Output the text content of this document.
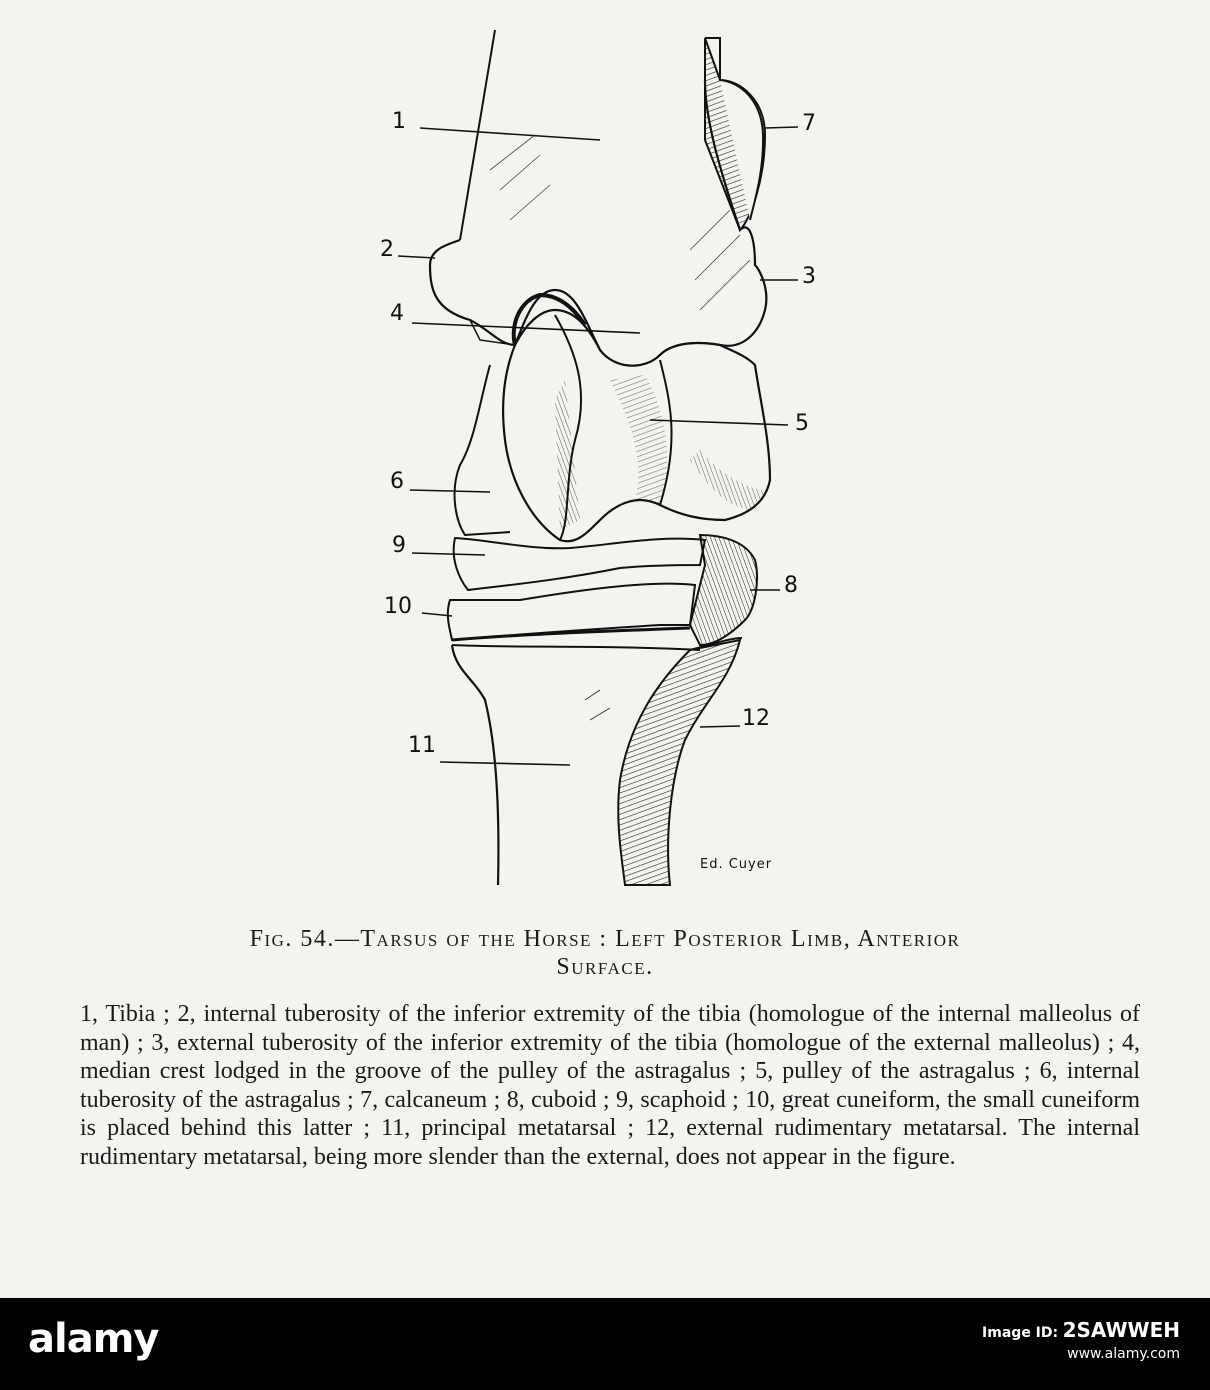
1
2
3
4
5
6
7
8
9
10
11
12
Ed. Cuyer
Fig. 54.—Tarsus of the Horse : Left Posterior Limb, Anterior
Surface.
1, Tibia ; 2, internal tuberosity of the inferior extremity of the tibia (homologue of the internal malleolus of man) ; 3, external tuberosity of the inferior extremity of the tibia (homologue of the external malleolus) ; 4, median crest lodged in the groove of the pulley of the astragalus ; 5, pulley of the astragalus ; 6, internal tuberosity of the astragalus ; 7, calcaneum ; 8, cuboid ; 9, scaphoid ; 10, great cuneiform, the small cuneiform is placed behind this latter ; 11, principal metatarsal ; 12, external rudimentary metatarsal. The internal rudimentary metatarsal, being more slender than the external, does not appear in the figure.
alamy	Image ID: 2SAWWEH
www.alamy.com
